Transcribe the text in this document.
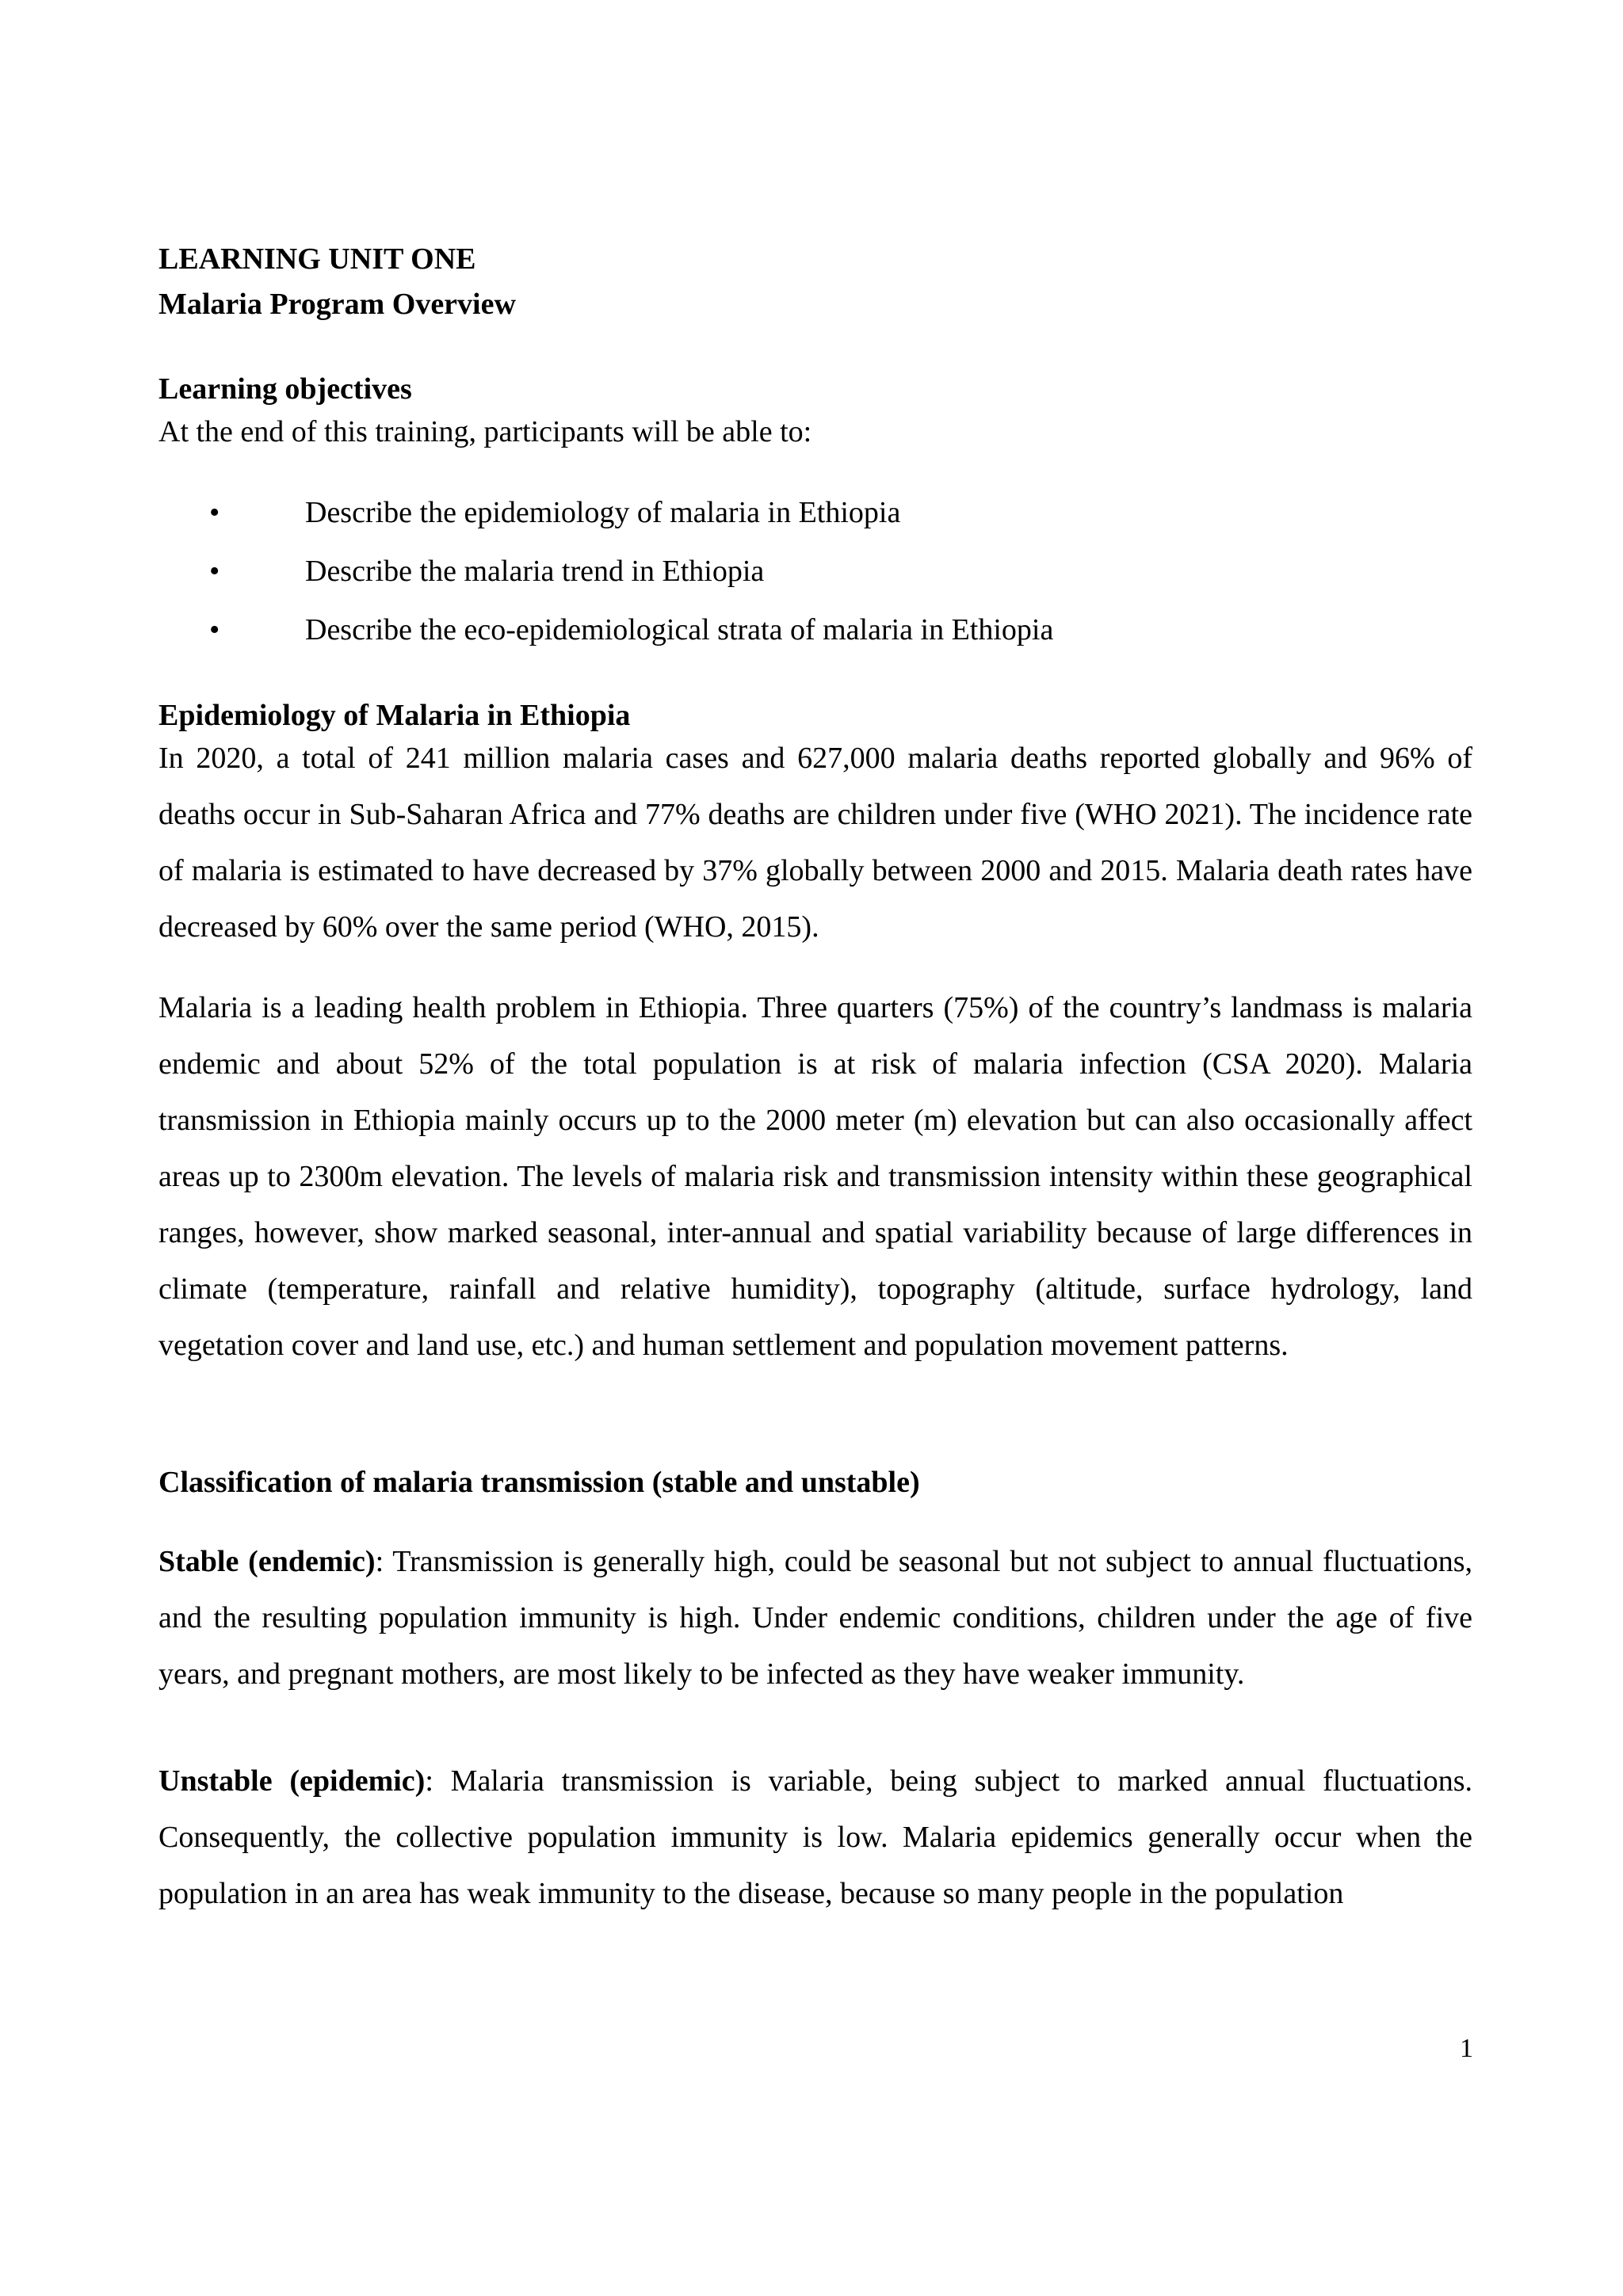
LEARNING UNIT ONE
Malaria Program Overview
Learning objectives
At the end of this training, participants will be able to:
•	Describe the epidemiology of malaria in Ethiopia
•	Describe the malaria trend in Ethiopia
•	Describe the eco-epidemiological strata of malaria in Ethiopia
Epidemiology of Malaria in Ethiopia
In 2020, a total of 241 million malaria cases and 627,000 malaria deaths reported globally and 96% of deaths occur in Sub-Saharan Africa and 77% deaths are children under five (WHO 2021). The incidence rate of malaria is estimated to have decreased by 37% globally between 2000 and 2015. Malaria death rates have decreased by 60% over the same period (WHO, 2015).
Malaria is a leading health problem in Ethiopia. Three quarters (75%) of the country’s landmass is malaria endemic and about 52% of the total population is at risk of malaria infection (CSA 2020). Malaria transmission in Ethiopia mainly occurs up to the 2000 meter (m) elevation but can also occasionally affect areas up to 2300m elevation. The levels of malaria risk and transmission intensity within these geographical ranges, however, show marked seasonal, inter-annual and spatial variability because of large differences in climate (temperature, rainfall and relative humidity), topography (altitude, surface hydrology, land vegetation cover and land use, etc.) and human settlement and population movement patterns.
Classification of malaria transmission (stable and unstable)
Stable (endemic): Transmission is generally high, could be seasonal but not subject to annual fluctuations, and the resulting population immunity is high. Under endemic conditions, children under the age of five years, and pregnant mothers, are most likely to be infected as they have weaker immunity.
Unstable (epidemic): Malaria transmission is variable, being subject to marked annual fluctuations. Consequently, the collective population immunity is low. Malaria epidemics generally occur when the population in an area has weak immunity to the disease, because so many people in the population
1
